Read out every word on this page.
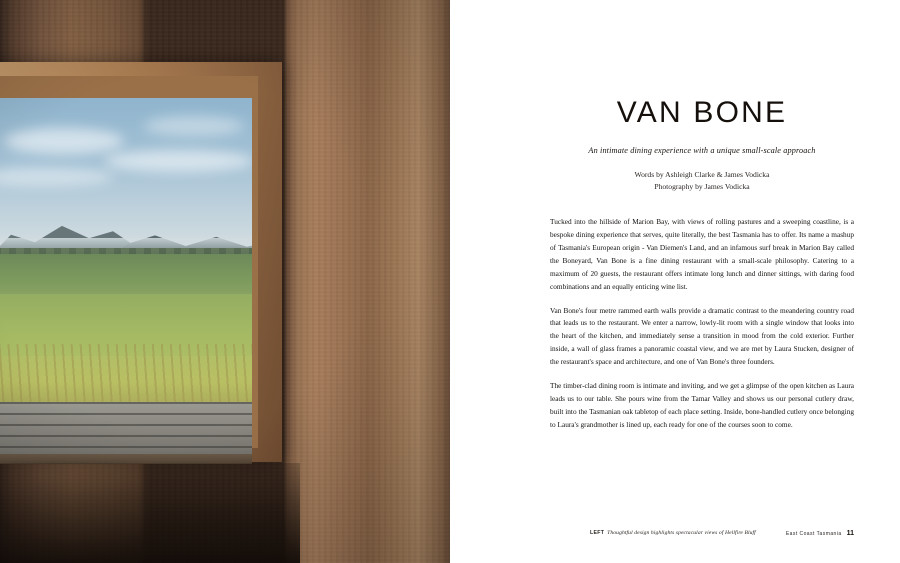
VAN BONE
An intimate dining experience with a unique small-scale approach
Words by Ashleigh Clarke & James Vodicka
Photography by James Vodicka

Tucked into the hillside of Marion Bay, with views of rolling pastures and a sweeping coastline, is a bespoke dining experience that serves, quite literally, the best Tasmania has to offer. Its name a mashup of Tasmania's European origin - Van Diemen's Land, and an infamous surf break in Marion Bay called the Boneyard, Van Bone is a fine dining restaurant with a small-scale philosophy. Catering to a maximum of 20 guests, the restaurant offers intimate long lunch and dinner sittings, with daring food combinations and an equally enticing wine list.

Van Bone's four metre rammed earth walls provide a dramatic contrast to the meandering country road that leads us to the restaurant. We enter a narrow, lowly-lit room with a single window that looks into the heart of the kitchen, and immediately sense a transition in mood from the cold exterior. Further inside, a wall of glass frames a panoramic coastal view, and we are met by Laura Stucken, designer of the restaurant's space and architecture, and one of Van Bone's three founders.

The timber-clad dining room is intimate and inviting, and we get a glimpse of the open kitchen as Laura leads us to our table. She pours wine from the Tamar Valley and shows us our personal cutlery draw, built into the Tasmanian oak tabletop of each place setting. Inside, bone-handled cutlery once belonging to Laura's grandmother is lined up, each ready for one of the courses soon to come.

LEFT Thoughtful design highlights spectacular views of Hellfire Bluff	East Coast Tasmania 11
